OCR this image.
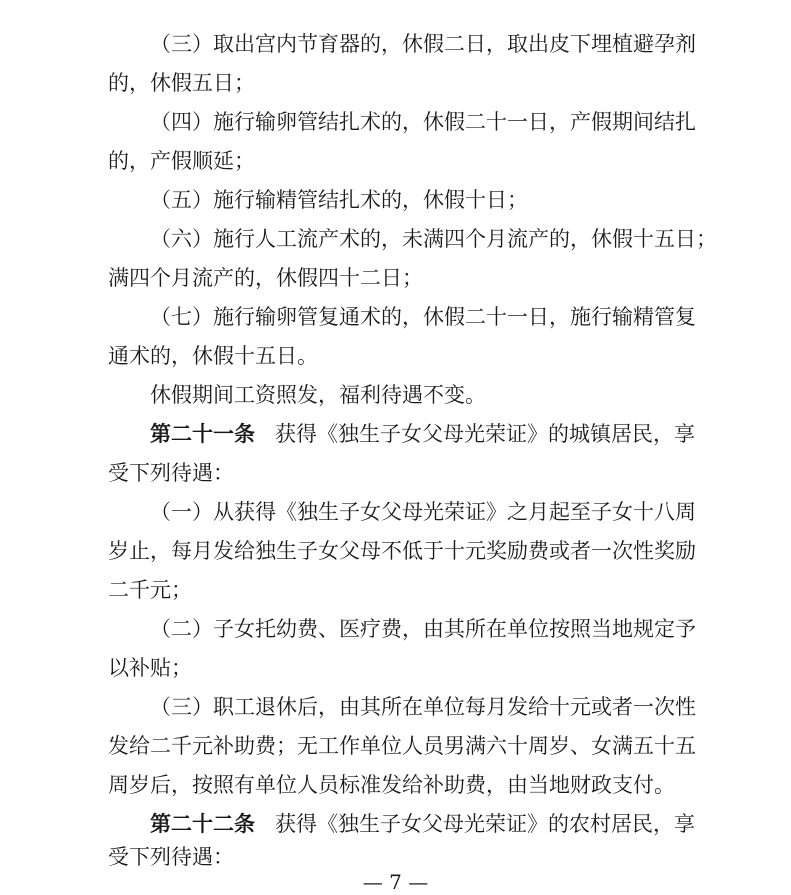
（三）取出宫内节育器的，休假二日，取出皮下埋植避孕剂
的，休假五日；
（四）施行输卵管结扎术的，休假二十一日，产假期间结扎
的，产假顺延；
（五）施行输精管结扎术的，休假十日；
（六）施行人工流产术的，未满四个月流产的，休假十五日；
满四个月流产的，休假四十二日；
（七）施行输卵管复通术的，休假二十一日，施行输精管复
通术的，休假十五日。
休假期间工资照发，福利待遇不变。
第二十一条 获得《独生子女父母光荣证》的城镇居民，享
受下列待遇：
（一）从获得《独生子女父母光荣证》之月起至子女十八周
岁止，每月发给独生子女父母不低于十元奖励费或者一次性奖励
二千元；
（二）子女托幼费、医疗费，由其所在单位按照当地规定予
以补贴；
（三）职工退休后，由其所在单位每月发给十元或者一次性
发给二千元补助费；无工作单位人员男满六十周岁、女满五十五
周岁后，按照有单位人员标准发给补助费，由当地财政支付。
第二十二条 获得《独生子女父母光荣证》的农村居民，享
受下列待遇：
— 7 —
